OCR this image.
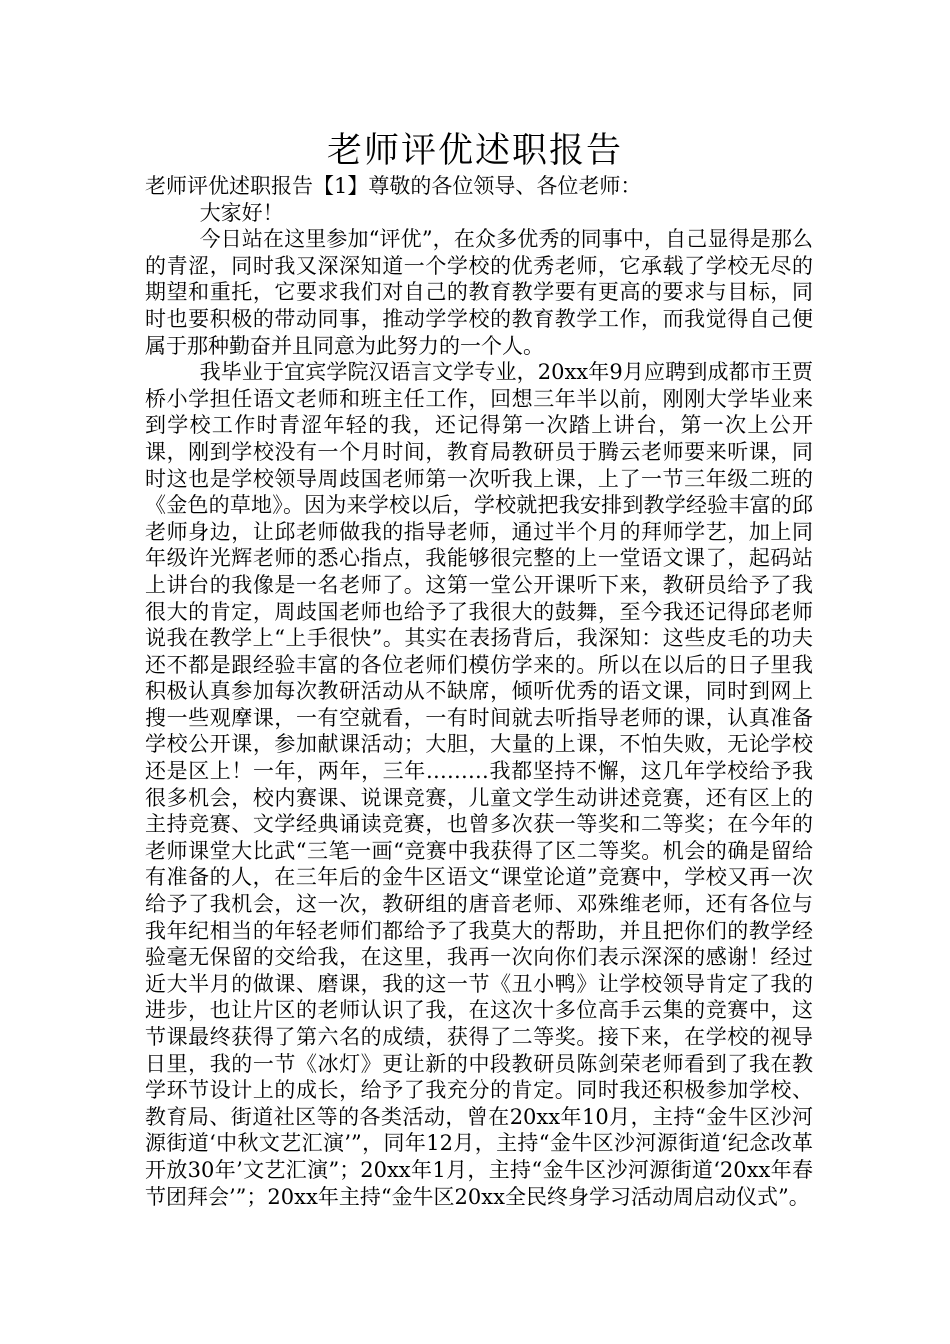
老师评优述职报告

老师评优述职报告【1】尊敬的各位领导、各位老师：

大家好！

今日站在这里参加“评优”，在众多优秀的同事中，自己显得是那么的青涩，同时我又深深知道一个学校的优秀老师，它承载了学校无尽的期望和重托，它要求我们对自己的教育教学要有更高的要求与目标，同时也要积极的带动同事，推动学学校的教育教学工作，而我觉得自己便属于那种勤奋并且同意为此努力的一个人。

我毕业于宜宾学院汉语言文学专业，20xx年9月应聘到成都市王贾桥小学担任语文老师和班主任工作，回想三年半以前，刚刚大学毕业来到学校工作时青涩年轻的我，还记得第一次踏上讲台，第一次上公开课，刚到学校没有一个月时间，教育局教研员于腾云老师要来听课，同时这也是学校领导周歧国老师第一次听我上课，上了一节三年级二班的《金色的草地》。因为来学校以后，学校就把我安排到教学经验丰富的邱老师身边，让邱老师做我的指导老师，通过半个月的拜师学艺，加上同年级许光辉老师的悉心指点，我能够很完整的上一堂语文课了，起码站上讲台的我像是一名老师了。这第一堂公开课听下来，教研员给予了我很大的肯定，周歧国老师也给予了我很大的鼓舞，至今我还记得邱老师说我在教学上“上手很快”。其实在表扬背后，我深知：这些皮毛的功夫还不都是跟经验丰富的各位老师们模仿学来的。所以在以后的日子里我积极认真参加每次教研活动从不缺席，倾听优秀的语文课，同时到网上搜一些观摩课，一有空就看，一有时间就去听指导老师的课，认真准备学校公开课，参加献课活动；大胆，大量的上课，不怕失败，无论学校还是区上！一年，两年，三年………我都坚持不懈，这几年学校给予我很多机会，校内赛课、说课竞赛，儿童文学生动讲述竞赛，还有区上的主持竞赛、文学经典诵读竞赛，也曾多次获一等奖和二等奖；在今年的老师课堂大比武“三笔一画“竞赛中我获得了区二等奖。机会的确是留给有准备的人，在三年后的金牛区语文“课堂论道”竞赛中，学校又再一次给予了我机会，这一次，教研组的唐音老师、邓殊维老师，还有各位与我年纪相当的年轻老师们都给予了我莫大的帮助，并且把你们的教学经验毫无保留的交给我，在这里，我再一次向你们表示深深的感谢！经过近大半月的做课、磨课，我的这一节《丑小鸭》让学校领导肯定了我的进步，也让片区的老师认识了我，在这次十多位高手云集的竞赛中，这节课最终获得了第六名的成绩，获得了二等奖。接下来，在学校的视导日里，我的一节《冰灯》更让新的中段教研员陈剑荣老师看到了我在教学环节设计上的成长，给予了我充分的肯定。同时我还积极参加学校、教育局、街道社区等的各类活动，曾在20xx年10月，主持“金牛区沙河源街道‘中秋文艺汇演’”，同年12月，主持“金牛区沙河源街道‘纪念改革开放30年’文艺汇演”；20xx年1月，主持“金牛区沙河源街道‘20xx年春节团拜会’”；20xx年主持“金牛区20xx全民终身学习活动周启动仪式”。
